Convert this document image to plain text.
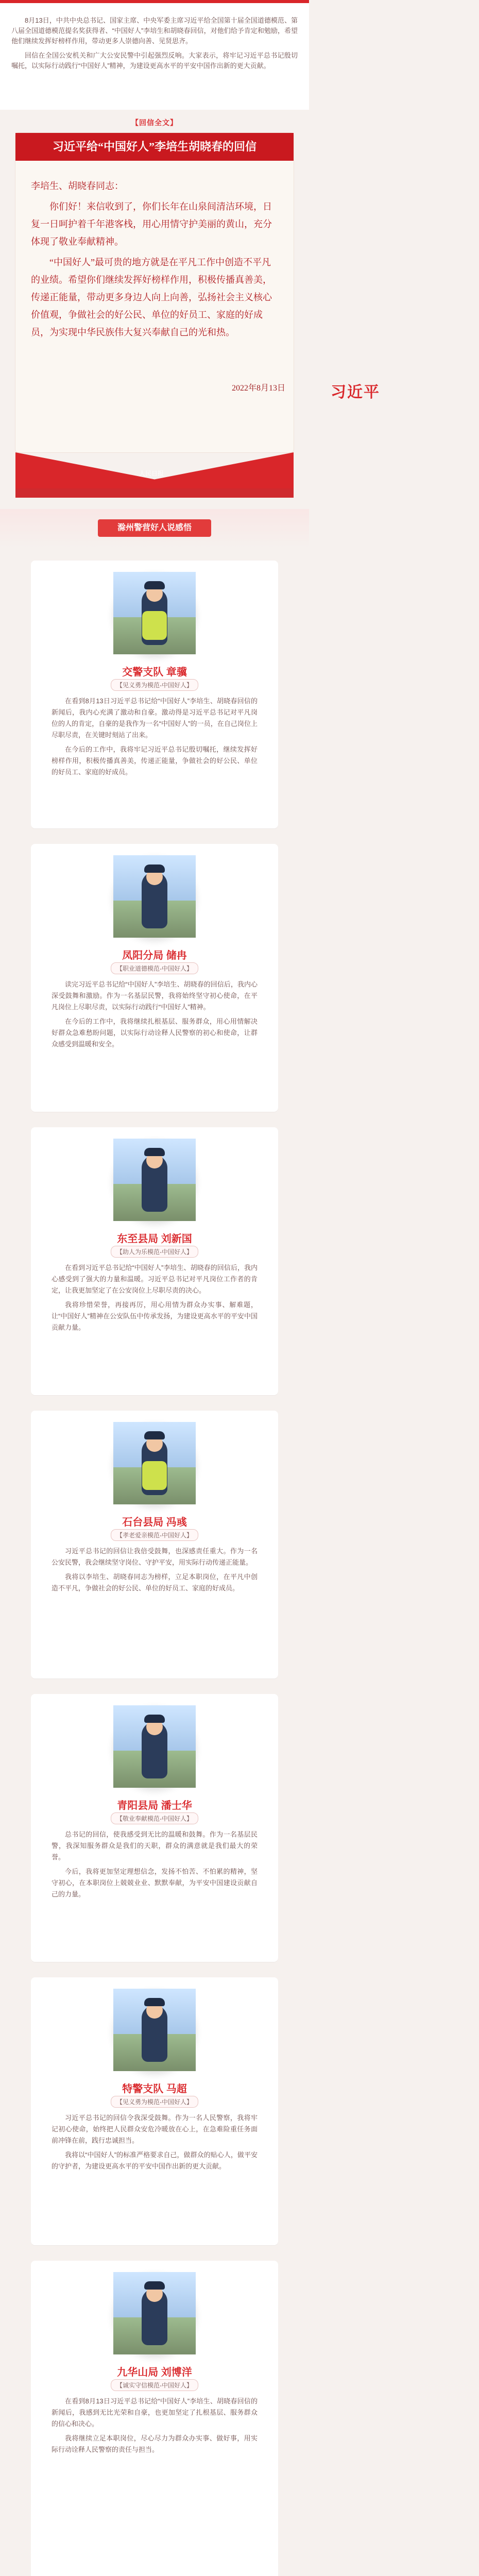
8月13日，中共中央总书记、国家主席、中央军委主席习近平给全国第十届全国道德模范、第八届全国道德模范提名奖获得者、“中国好人”李培生和胡晓春回信，对他们给予肯定和勉励，希望他们继续发挥好榜样作用，带动更多人崇德向善、见贤思齐。

回信在全国公安机关和广大公安民警中引起强烈反响。大家表示，将牢记习近平总书记殷切嘱托，以实际行动践行“中国好人”精神，为建设更高水平的平安中国作出新的更大贡献。

【回信全文】
习近平给“中国好人”李培生胡晓春的回信

李培生、胡晓春同志：

你们好！来信收到了，你们长年在山泉间清洁环境，日复一日呵护着千年港客栈，用心用情守护美丽的黄山，充分体现了敬业奉献精神。

“中国好人”最可贵的地方就是在平凡工作中创造不平凡的业绩。希望你们继续发挥好榜样作用，积极传播真善美，传递正能量，带动更多身边人向上向善，弘扬社会主义核心价值观，争做社会的好公民、单位的好员工、家庭的好成员，为实现中华民族伟大复兴奉献自己的光和热。

习近平
2022年8月13日
人民日报
滁州警营好人说感悟
交警支队 章骥
【见义勇为模范-中国好人】

在看到8月13日习近平总书记给“中国好人”李培生、胡晓春回信的新闻后，我内心充满了激动和自豪。激动得是习近平总书记对平凡岗位的人的肯定，自豪的是我作为一名“中国好人”的一员，在自己岗位上尽职尽责，在关键时刻站了出来。

在今后的工作中，我将牢记习近平总书记殷切嘱托，继续发挥好榜样作用，积极传播真善美，传递正能量，争做社会的好公民、单位的好员工、家庭的好成员。

凤阳分局 储冉
【职业道德模范-中国好人】

读完习近平总书记给“中国好人”李培生、胡晓春的回信后，我内心深受鼓舞和激励。作为一名基层民警，我将始终坚守初心使命，在平凡岗位上尽职尽责，以实际行动践行“中国好人”精神。

在今后的工作中，我将继续扎根基层、服务群众，用心用情解决好群众急难愁盼问题，以实际行动诠释人民警察的初心和使命，让群众感受到温暖和安全。

东至县局 刘新国
【助人为乐模范-中国好人】

在看到习近平总书记给“中国好人”李培生、胡晓春的回信后，我内心感受到了强大的力量和温暖。习近平总书记对平凡岗位工作者的肯定，让我更加坚定了在公安岗位上尽职尽责的决心。

我将珍惜荣誉，再接再厉，用心用情为群众办实事、解难题，让“中国好人”精神在公安队伍中传承发扬，为建设更高水平的平安中国贡献力量。

石台县局 冯彧
【孝老爱亲模范-中国好人】

习近平总书记的回信让我倍受鼓舞，也深感责任重大。作为一名公安民警，我会继续坚守岗位、守护平安，用实际行动传递正能量。

我将以李培生、胡晓春同志为榜样，立足本职岗位，在平凡中创造不平凡，争做社会的好公民、单位的好员工、家庭的好成员。

青阳县局 潘士华
【敬业奉献模范-中国好人】

总书记的回信，使我感受到无比的温暖和鼓舞。作为一名基层民警，我深知服务群众是我们的天职，群众的满意就是我们最大的荣誉。

今后，我将更加坚定理想信念，发扬不怕苦、不怕累的精神，坚守初心，在本职岗位上兢兢业业、默默奉献，为平安中国建设贡献自己的力量。

特警支队 马超
【见义勇为模范-中国好人】

习近平总书记的回信令我深受鼓舞。作为一名人民警察，我将牢记初心使命，始终把人民群众安危冷暖放在心上，在急难险重任务面前冲锋在前，践行忠诚担当。

我将以“中国好人”的标准严格要求自己，做群众的贴心人，做平安的守护者，为建设更高水平的平安中国作出新的更大贡献。

九华山局 刘博洋
【诚实守信模范-中国好人】

在看到8月13日习近平总书记给“中国好人”李培生、胡晓春回信的新闻后，我感到无比光荣和自豪，也更加坚定了扎根基层、服务群众的信心和决心。

我将继续立足本职岗位，尽心尽力为群众办实事、做好事，用实际行动诠释人民警察的责任与担当。
